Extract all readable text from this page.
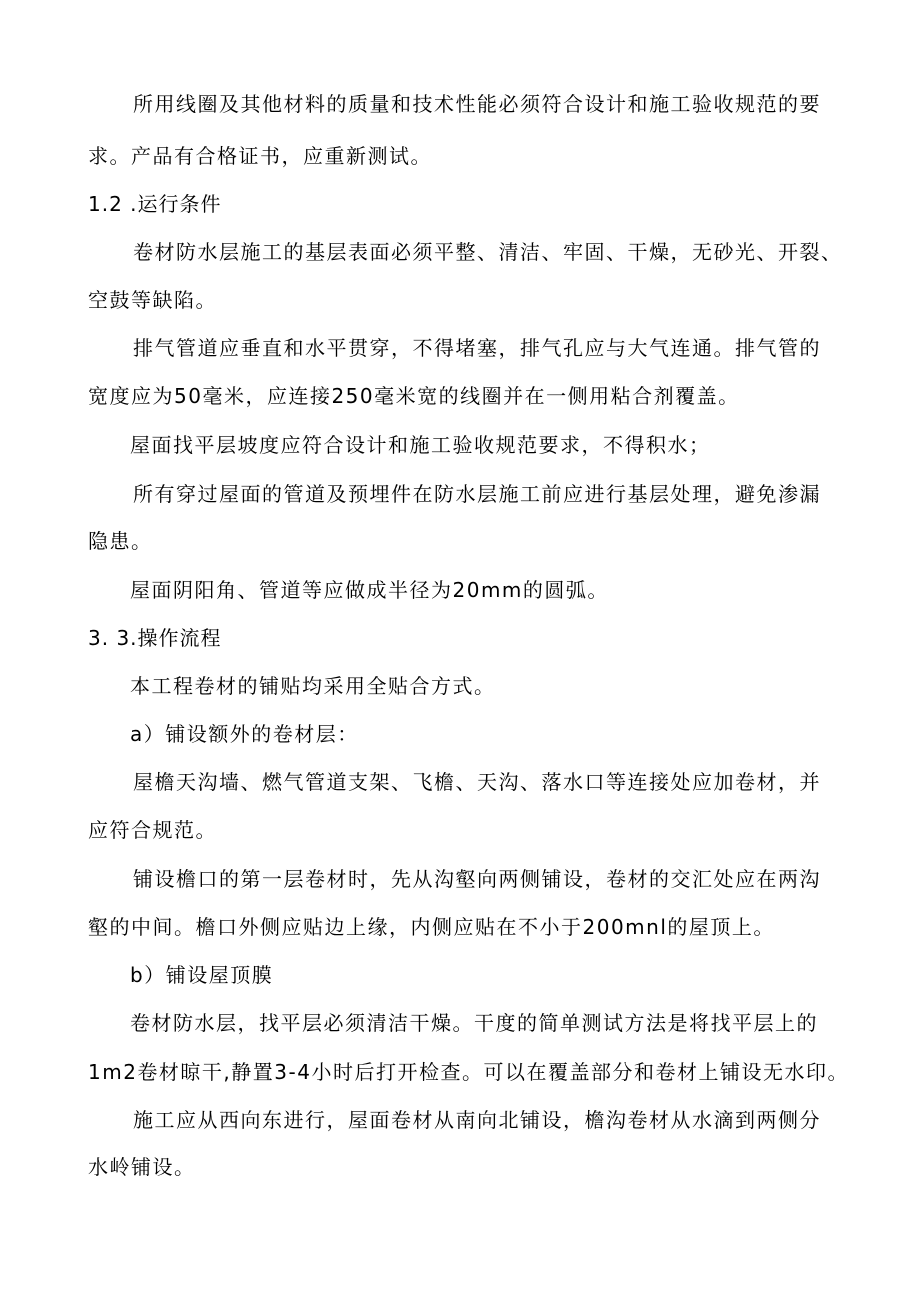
所用线圈及其他材料的质量和技术性能必须符合设计和施工验收规范的要
求。产品有合格证书，应重新测试。
1.2 .运行条件
卷材防水层施工的基层表面必须平整、清洁、牢固、干燥，无砂光、开裂、
空鼓等缺陷。
排气管道应垂直和水平贯穿，不得堵塞，排气孔应与大气连通。排气管的
宽度应为50毫米，应连接250毫米宽的线圈并在一侧用粘合剂覆盖。
屋面找平层坡度应符合设计和施工验收规范要求，不得积水；
所有穿过屋面的管道及预埋件在防水层施工前应进行基层处理，避免渗漏
隐患。
屋面阴阳角、管道等应做成半径为20mm的圆弧。
3. 3.操作流程
本工程卷材的铺贴均采用全贴合方式。
a）铺设额外的卷材层：
屋檐天沟墙、燃气管道支架、飞檐、天沟、落水口等连接处应加卷材，并
应符合规范。
铺设檐口的第一层卷材时，先从沟壑向两侧铺设，卷材的交汇处应在两沟
壑的中间。檐口外侧应贴边上缘，内侧应贴在不小于200mnl的屋顶上。
b）铺设屋顶膜
卷材防水层，找平层必须清洁干燥。干度的简单测试方法是将找平层上的
1m2卷材晾干,静置3-4小时后打开检查。可以在覆盖部分和卷材上铺设无水印。
施工应从西向东进行，屋面卷材从南向北铺设，檐沟卷材从水滴到两侧分
水岭铺设。
